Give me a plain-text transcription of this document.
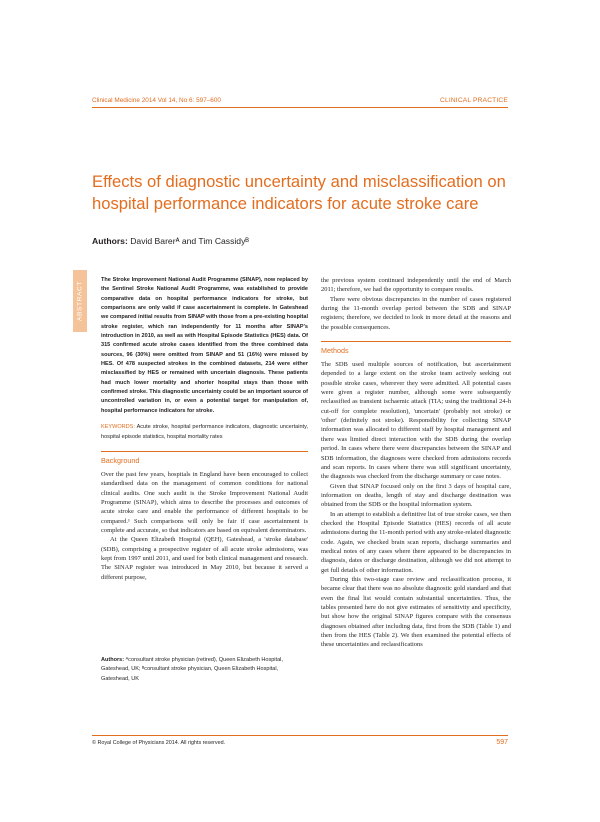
Clinical Medicine 2014 Vol 14, No 6: 597–600	CLINICAL PRACTICE
Effects of diagnostic uncertainty and misclassification on hospital performance indicators for acute stroke care
Authors: David Barerᴬ and Tim Cassidyᴮ
ABSTRACT

The Stroke Improvement National Audit Programme (SINAP), now replaced by the Sentinel Stroke National Audit Programme, was established to provide comparative data on hospital performance indicators for stroke, but comparisons are only valid if case ascertainment is complete. In Gateshead we compared initial results from SINAP with those from a pre-existing hospital stroke register, which ran independently for 11 months after SINAP's introduction in 2010, as well as with Hospital Episode Statistics (HES) data. Of 315 confirmed acute stroke cases identified from the three combined data sources, 96 (30%) were omitted from SINAP and 51 (16%) were missed by HES. Of 478 suspected strokes in the combined datasets, 214 were either misclassified by HES or remained with uncertain diagnosis. These patients had much lower mortality and shorter hospital stays than those with confirmed stroke. This diagnostic uncertainty could be an important source of uncontrolled variation in, or even a potential target for manipulation of, hospital performance indicators for stroke.

KEYWORDS: Acute stroke, hospital performance indicators, diagnostic uncertainty, hospital episode statistics, hospital mortality rates
Background

Over the past few years, hospitals in England have been encouraged to collect standardised data on the management of common conditions for national clinical audits. One such audit is the Stroke Improvement National Audit Programme (SINAP), which aims to describe the processes and outcomes of acute stroke care and enable the performance of different hospitals to be compared.¹ Such comparisons will only be fair if case ascertainment is complete and accurate, so that indicators are based on equivalent denominators.

At the Queen Elizabeth Hospital (QEH), Gateshead, a 'stroke database' (SDB), comprising a prospective register of all acute stroke admissions, was kept from 1997 until 2011, and used for both clinical management and research. The SINAP register was introduced in May 2010, but because it served a different purpose,

Authors: ᴬconsultant stroke physician (retired), Queen Elizabeth Hospital, Gateshead, UK; ᴮconsultant stroke physician, Queen Elizabeth Hospital, Gateshead, UK

the previous system continued independently until the end of March 2011; therefore, we had the opportunity to compare results.

There were obvious discrepancies in the number of cases registered during the 11-month overlap period between the SDB and SINAP registers; therefore, we decided to look in more detail at the reasons and the possible consequences.

Methods

The SDB used multiple sources of notification, but ascertainment depended to a large extent on the stroke team actively seeking out possible stroke cases, wherever they were admitted. All potential cases were given a register number, although some were subsequently reclassified as transient ischaemic attack (TIA; using the traditional 24-h cut-off for complete resolution), 'uncertain' (probably not stroke) or 'other' (definitely not stroke). Responsibility for collecting SINAP information was allocated to different staff by hospital management and there was limited direct interaction with the SDB during the overlap period. In cases where there were discrepancies between the SINAP and SDB information, the diagnoses were checked from admissions records and scan reports. In cases where there was still significant uncertainty, the diagnosis was checked from the discharge summary or case notes.

Given that SINAP focused only on the first 3 days of hospital care, information on deaths, length of stay and discharge destination was obtained from the SDB or the hospital information system.

In an attempt to establish a definitive list of true stroke cases, we then checked the Hospital Episode Statistics (HES) records of all acute admissions during the 11-month period with any stroke-related diagnostic code. Again, we checked brain scan reports, discharge summaries and medical notes of any cases where there appeared to be discrepancies in diagnosis, dates or discharge destination, although we did not attempt to get full details of other information.

During this two-stage case review and reclassification process, it became clear that there was no absolute diagnostic gold standard and that even the final list would contain substantial uncertainties. Thus, the tables presented here do not give estimates of sensitivity and specificity, but show how the original SINAP figures compare with the consensus diagnoses obtained after including data, first from the SDB (Table 1) and then from the HES (Table 2). We then examined the potential effects of these uncertainties and reclassifications

© Royal College of Physicians 2014. All rights reserved.	597
